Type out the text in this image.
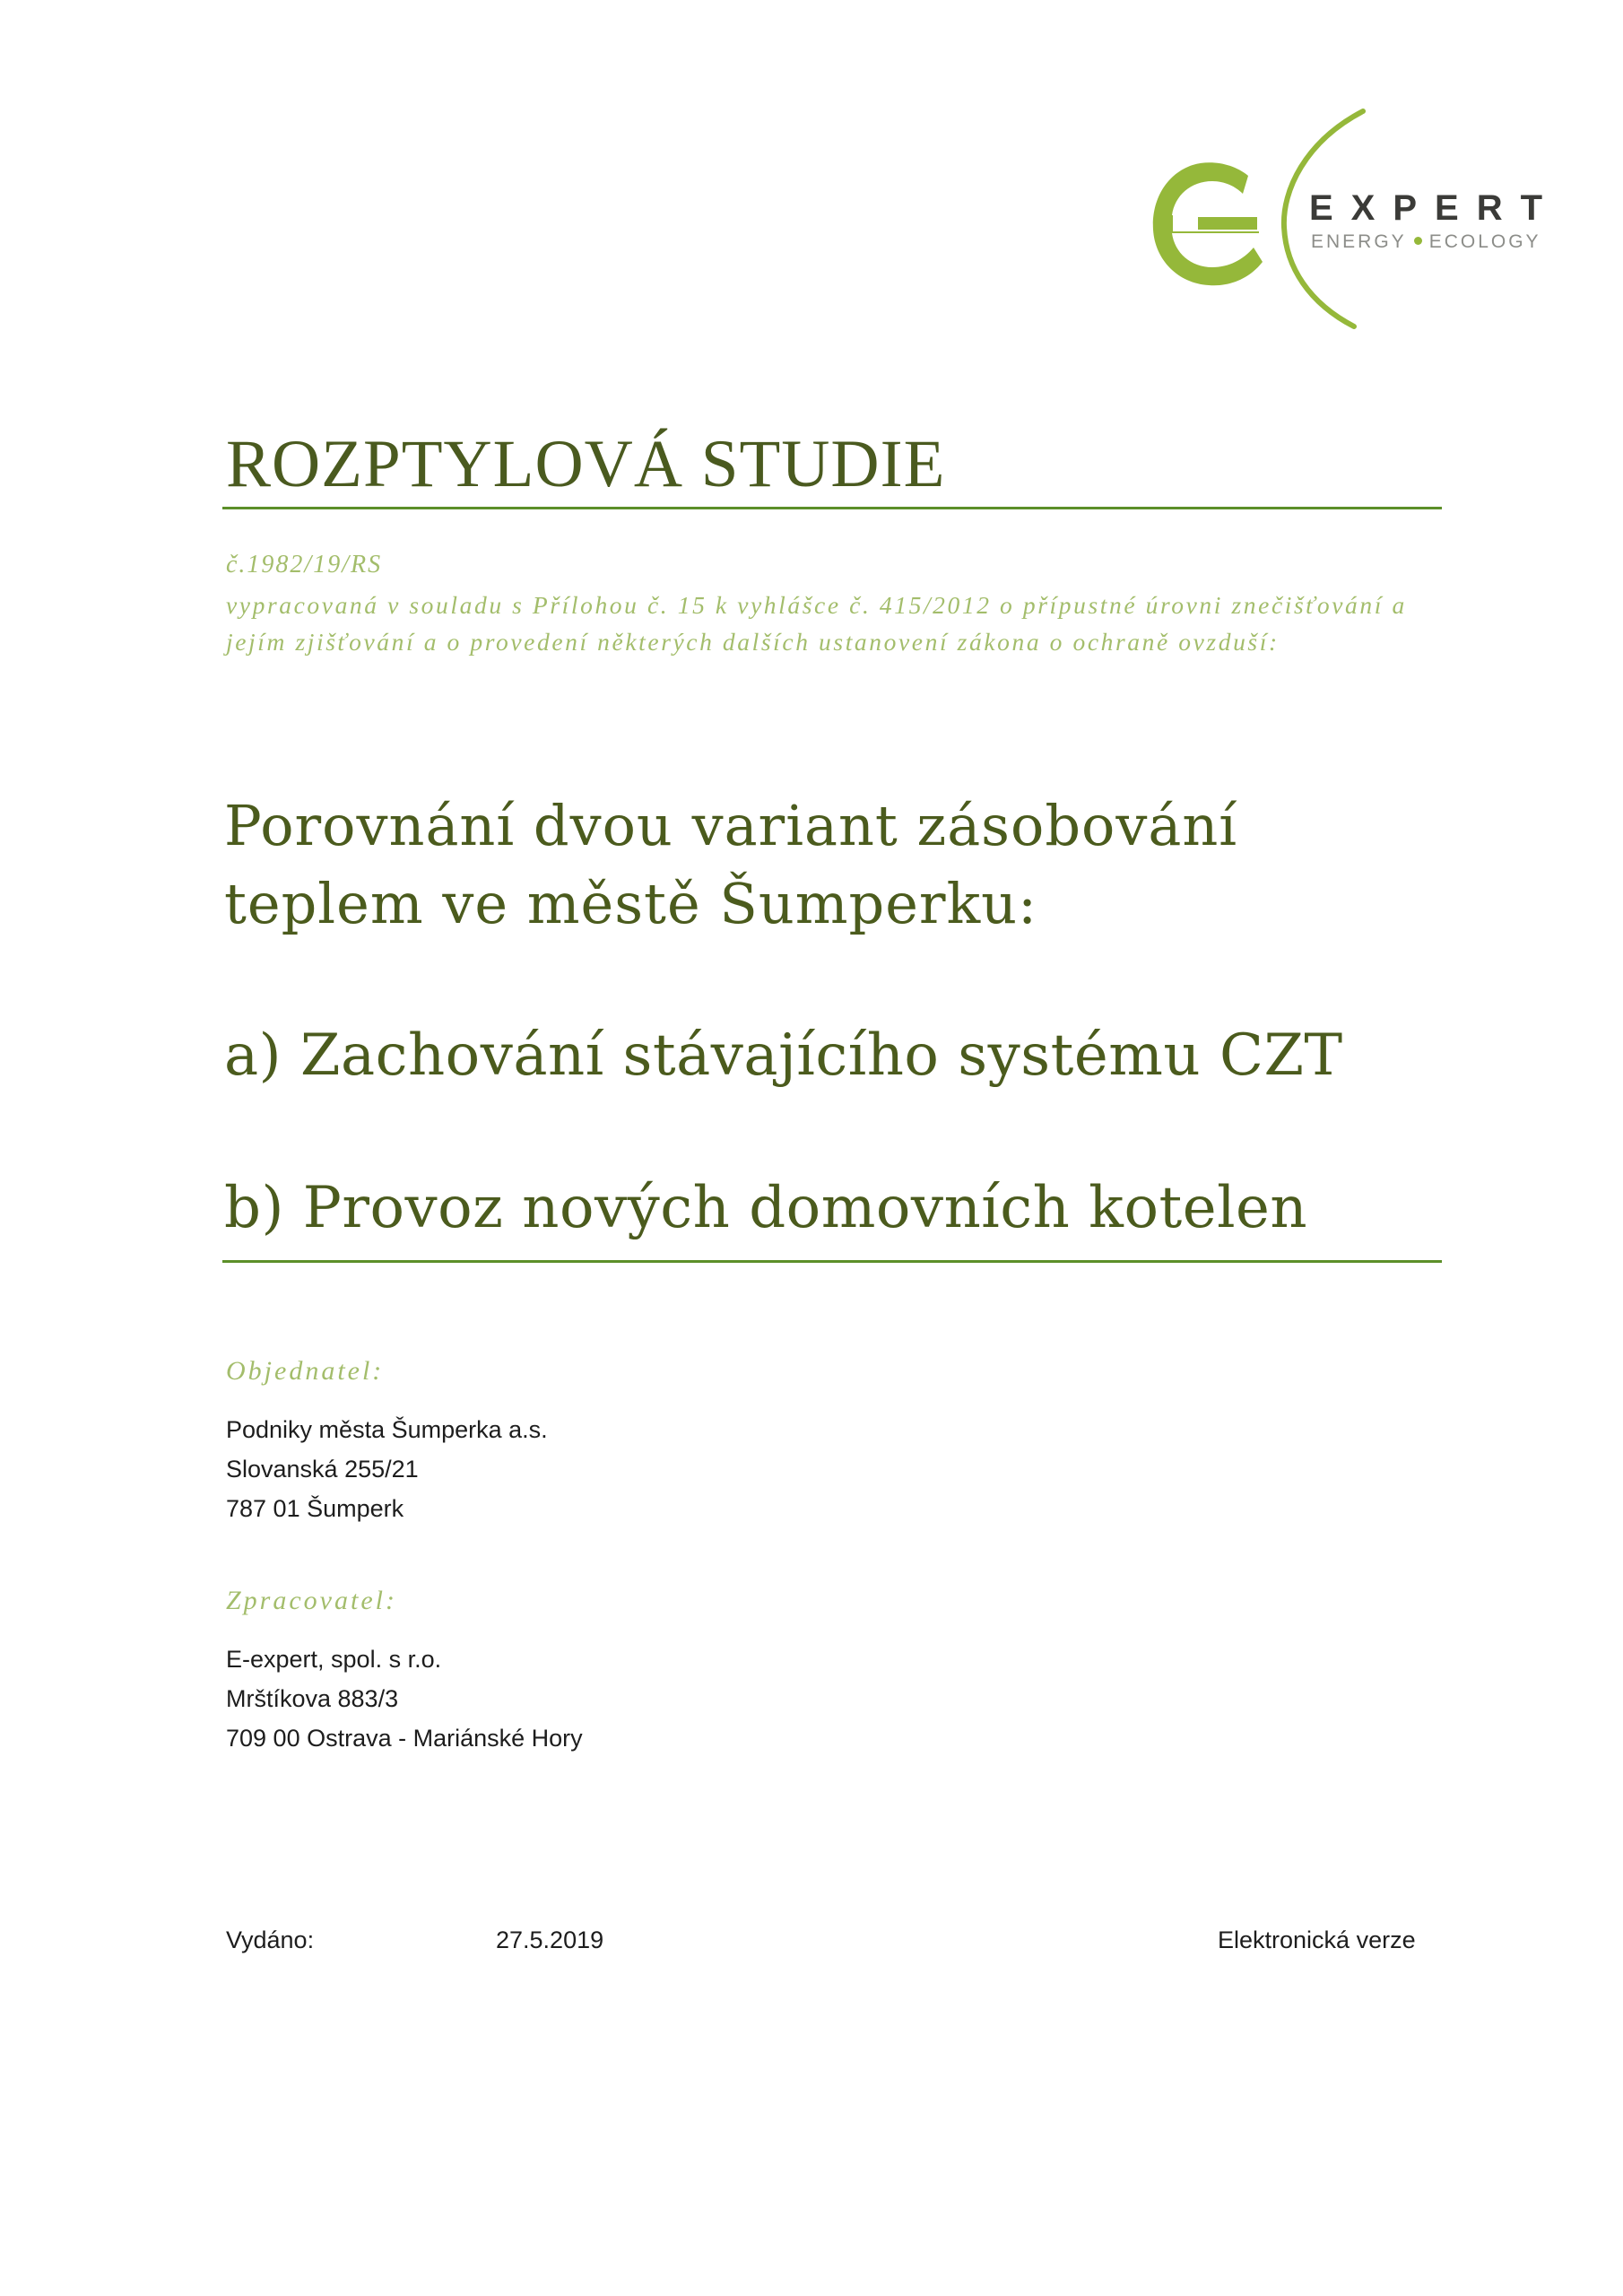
EXPERT
ENERGY ECOLOGY
ROZPTYLOVÁ STUDIE
č.1982/19/RS
vypracovaná v souladu s Přílohou č. 15 k vyhlášce č. 415/2012 o přípustné úrovni znečišťování a jejím zjišťování a o provedení některých dalších ustanovení zákona o ochraně ovzduší:
Porovnání dvou variant zásobování
teplem ve městě Šumperku:
a) Zachování stávajícího systému CZT
b) Provoz nových domovních kotelen
Objednatel:
Podniky města Šumperka a.s.
Slovanská 255/21
787 01 Šumperk
Zpracovatel:
E-expert, spol. s r.o.
Mrštíkova 883/3
709 00 Ostrava - Mariánské Hory
Vydáno:	27.5.2019	Elektronická verze
